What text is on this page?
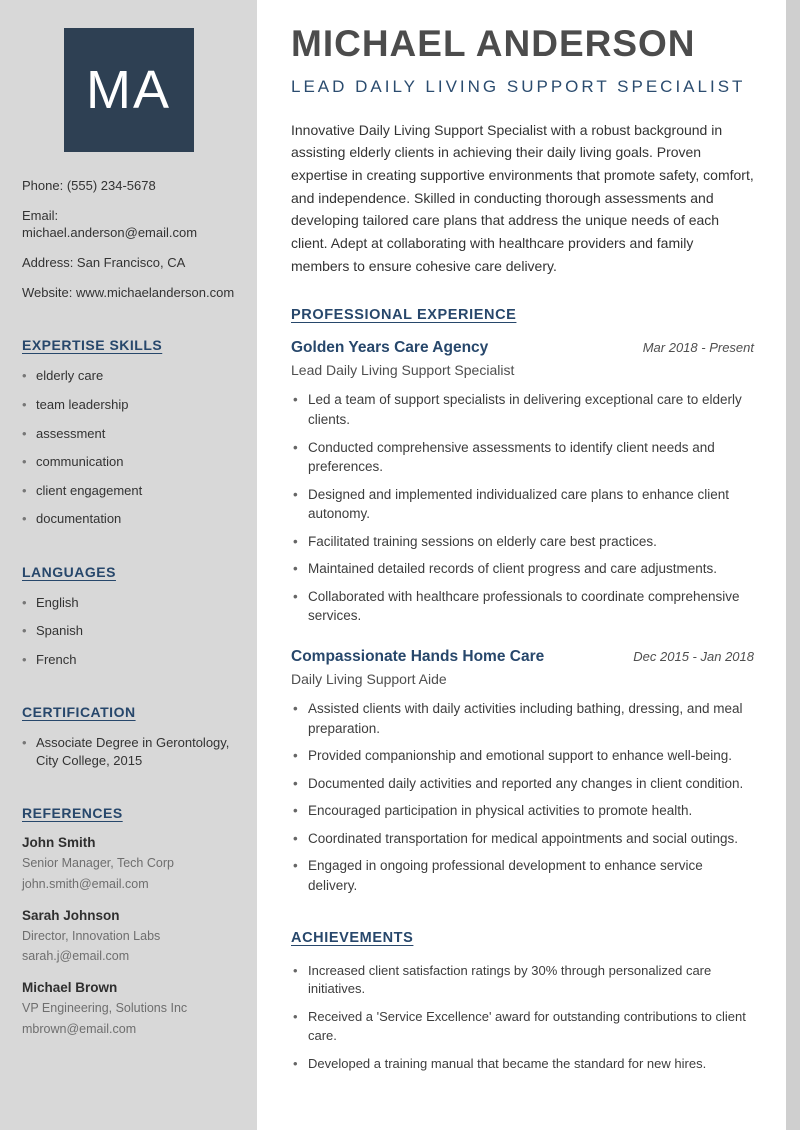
MA
Phone: (555) 234-5678
Email: michael.anderson@email.com
Address: San Francisco, CA
Website: www.michaelanderson.com
EXPERTISE SKILLS
• elderly care
• team leadership
• assessment
• communication
• client engagement
• documentation
LANGUAGES
• English
• Spanish
• French
CERTIFICATION
• Associate Degree in Gerontology, City College, 2015
REFERENCES
John Smith
Senior Manager, Tech Corp
john.smith@email.com
Sarah Johnson
Director, Innovation Labs
sarah.j@email.com
Michael Brown
VP Engineering, Solutions Inc
mbrown@email.com
MICHAEL ANDERSON
LEAD DAILY LIVING SUPPORT SPECIALIST

Innovative Daily Living Support Specialist with a robust background in assisting elderly clients in achieving their daily living goals. Proven expertise in creating supportive environments that promote safety, comfort, and independence. Skilled in conducting thorough assessments and developing tailored care plans that address the unique needs of each client. Adept at collaborating with healthcare providers and family members to ensure cohesive care delivery.

PROFESSIONAL EXPERIENCE
Golden Years Care Agency	Mar 2018 - Present
Lead Daily Living Support Specialist
• Led a team of support specialists in delivering exceptional care to elderly clients.
• Conducted comprehensive assessments to identify client needs and preferences.
• Designed and implemented individualized care plans to enhance client autonomy.
• Facilitated training sessions on elderly care best practices.
• Maintained detailed records of client progress and care adjustments.
• Collaborated with healthcare professionals to coordinate comprehensive services.
Compassionate Hands Home Care	Dec 2015 - Jan 2018
Daily Living Support Aide
• Assisted clients with daily activities including bathing, dressing, and meal preparation.
• Provided companionship and emotional support to enhance well-being.
• Documented daily activities and reported any changes in client condition.
• Encouraged participation in physical activities to promote health.
• Coordinated transportation for medical appointments and social outings.
• Engaged in ongoing professional development to enhance service delivery.
ACHIEVEMENTS
• Increased client satisfaction ratings by 30% through personalized care initiatives.
• Received a 'Service Excellence' award for outstanding contributions to client care.
• Developed a training manual that became the standard for new hires.
